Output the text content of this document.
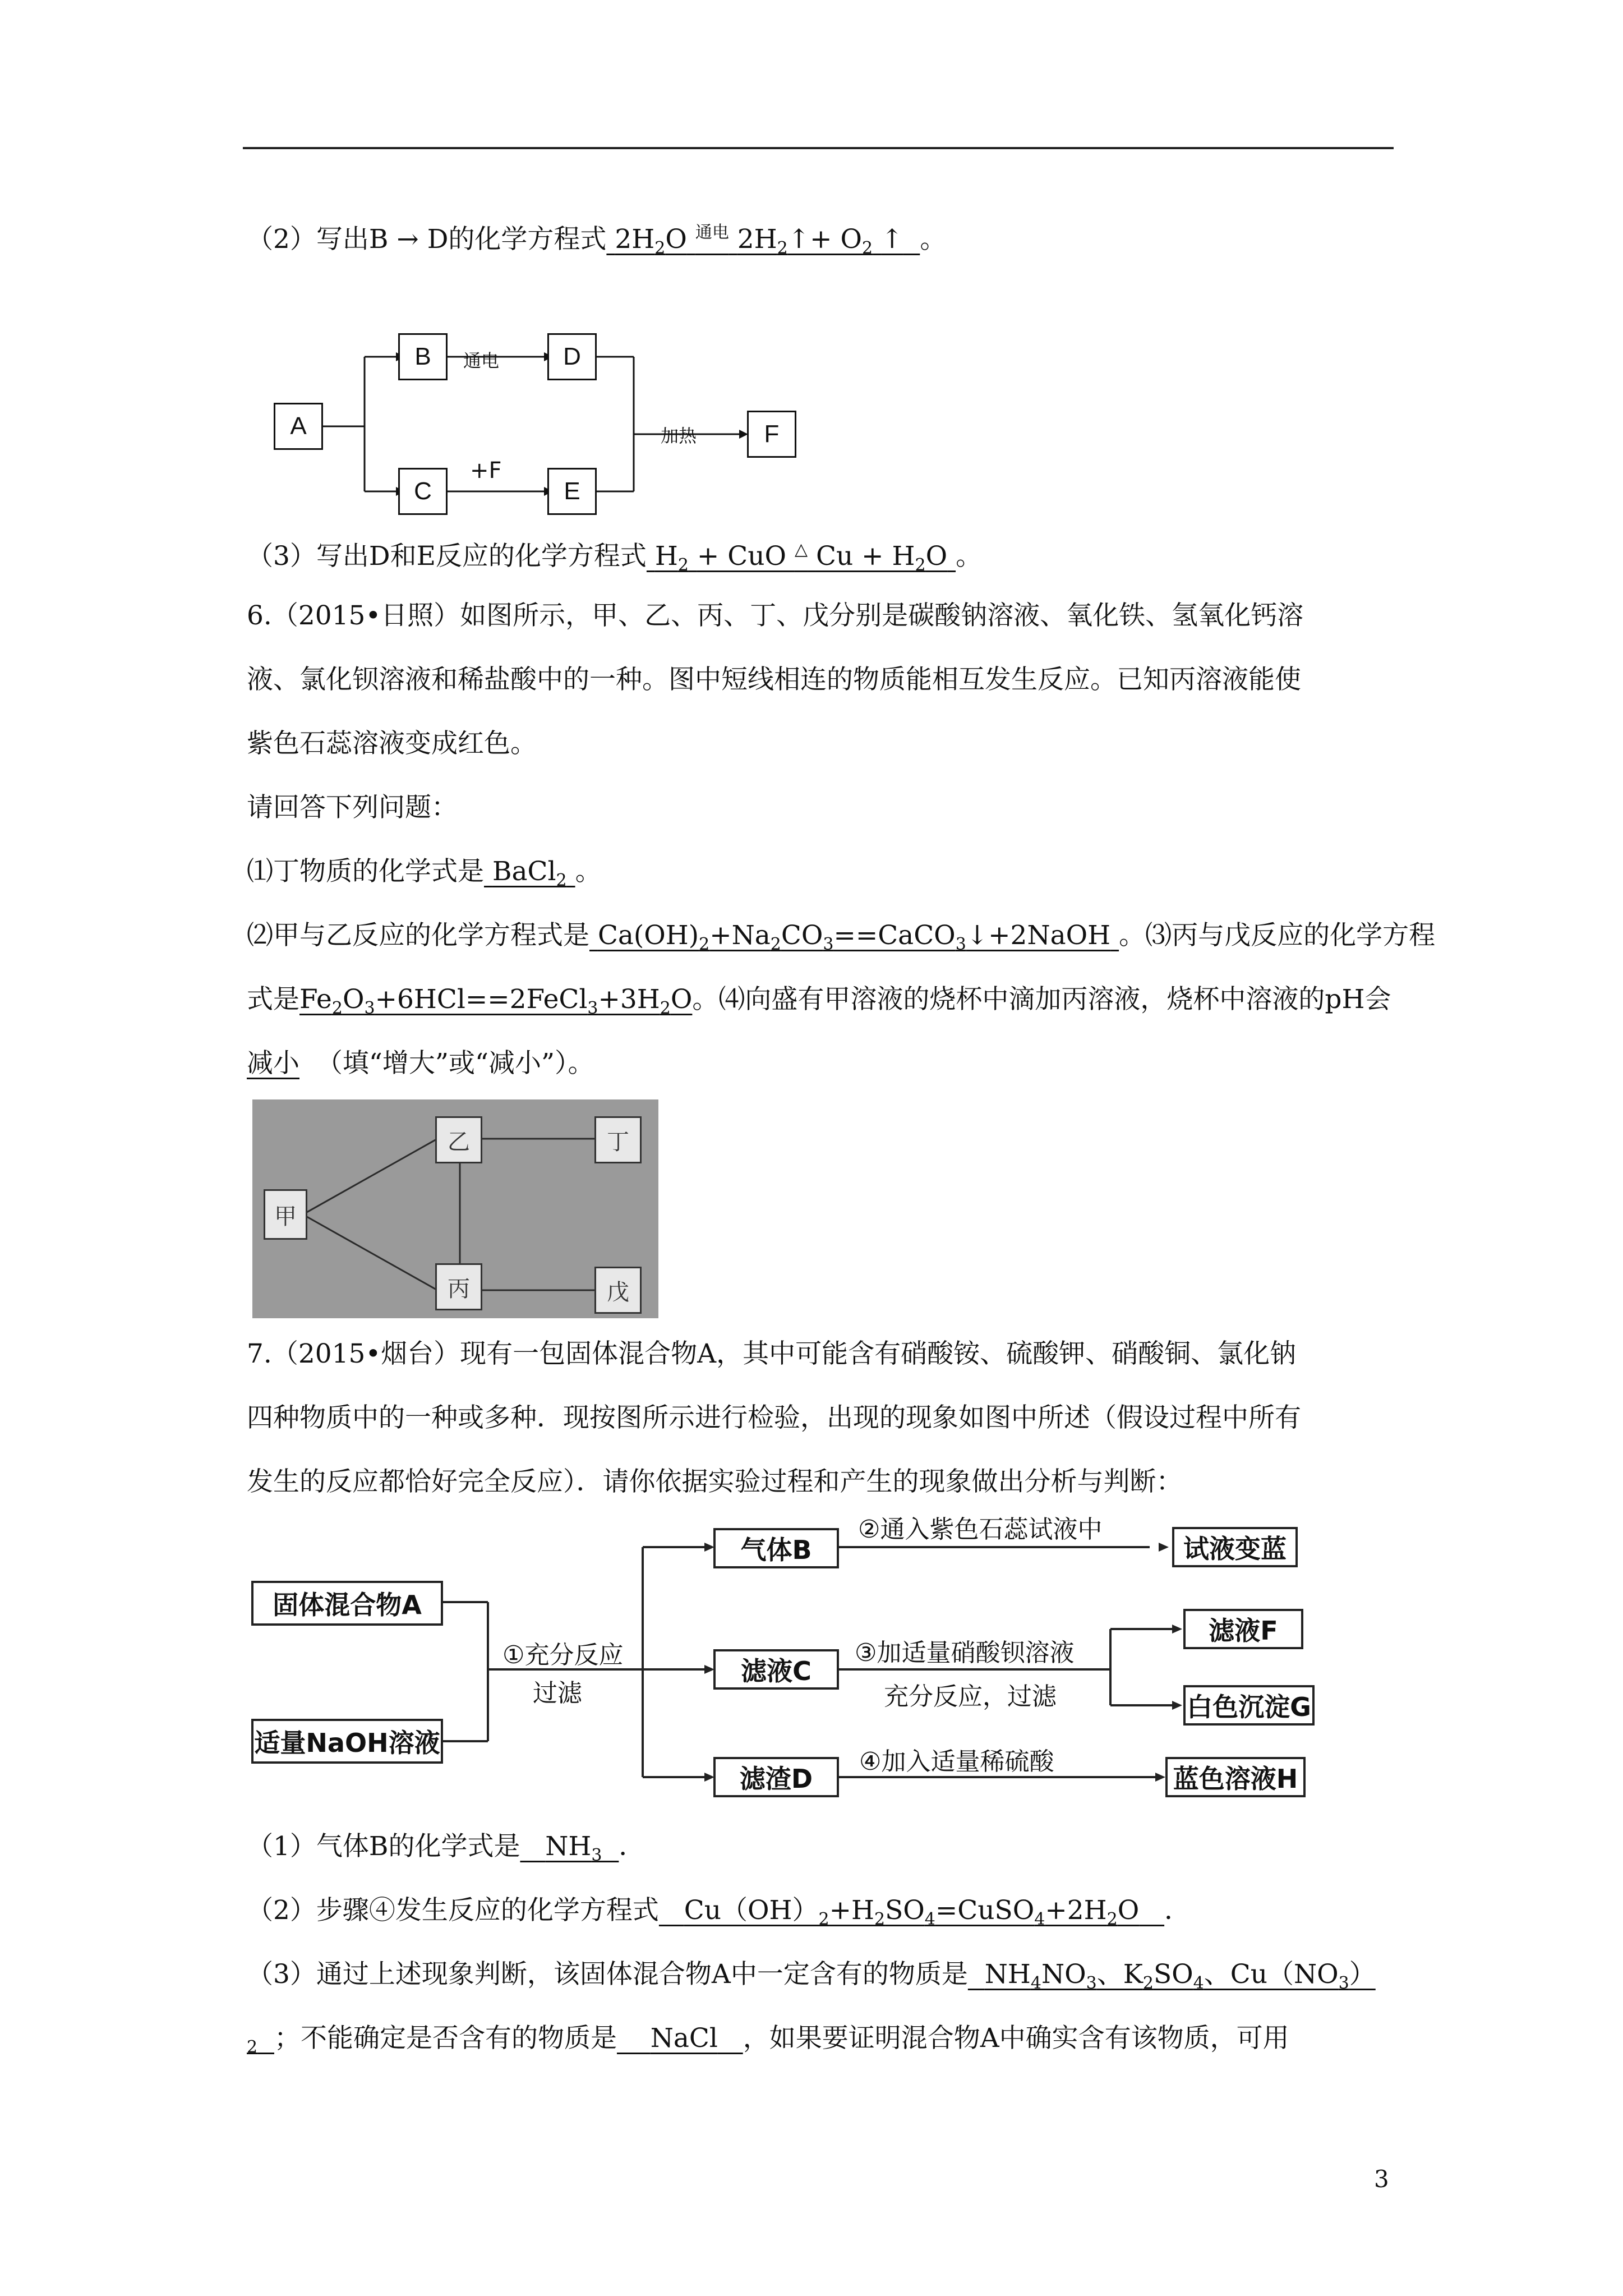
（2）写出B → D的化学方程式 $2H_2O$ $^{通电}$ $2H_2↑+ O_2$ ↑ 。
A
B
C
D
E
F
通电
+F
加热
（3）写出D和E反应的化学方程式 $H_2$ + CuO △ $Cu + H_2O$ 。
6.（2015•日照）如图所示，甲、乙、丙、丁、戊分别是碳酸钠溶液、氧化铁、氢氧化钙溶
液、氯化钡溶液和稀盐酸中的一种。图中短线相连的物质能相互发生反应。已知丙溶液能使
紫色石蕊溶液变成红色。
请回答下列问题：
⑴丁物质的化学式是 BaCl$_2$ 。
⑵甲与乙反应的化学方程式是 $Ca(OH)_2+Na_2CO_3==CaCO_3↓+2NaOH$ 。⑶丙与戊反应的化学方程
式是$Fe_2O_3+6HCl==2FeCl_3+3H_2O$。⑷向盛有甲溶液的烧杯中滴加丙溶液，烧杯中溶液的pH会
减小 （填“增大”或“减小”）。
甲
乙	丁
丙	戊
7.（2015•烟台）现有一包固体混合物A，其中可能含有硝酸铵、硫酸钾、硝酸铜、氯化钠
四种物质中的一种或多种．现按图所示进行检验，出现的现象如图中所述（假设过程中所有
发生的反应都恰好完全反应）．请你依据实验过程和产生的现象做出分析与判断：
固体混合物A
适量NaOH溶液
①充分反应
过滤
气体B
滤液C
滤渣D
②通入紫色石蕊试液中
③加适量硝酸钡溶液
充分反应，过滤
④加入适量稀硫酸
试液变蓝
滤液F
白色沉淀G
蓝色溶液H
（1）气体B的化学式是 $NH_3$ ．
（2）步骤④发生反应的化学方程式 $Cu(OH)_2+H_2SO_4=CuSO_4+2H_2O$ ．
（3）通过上述现象判断，该固体混合物A中一定含有的物质是 $NH_4NO_3$、$K_2SO_4$、$Cu(NO_3)$
$_2$ ；不能确定是否含有的物质是 NaCl ，如果要证明混合物A中确实含有该物质，可用
3
